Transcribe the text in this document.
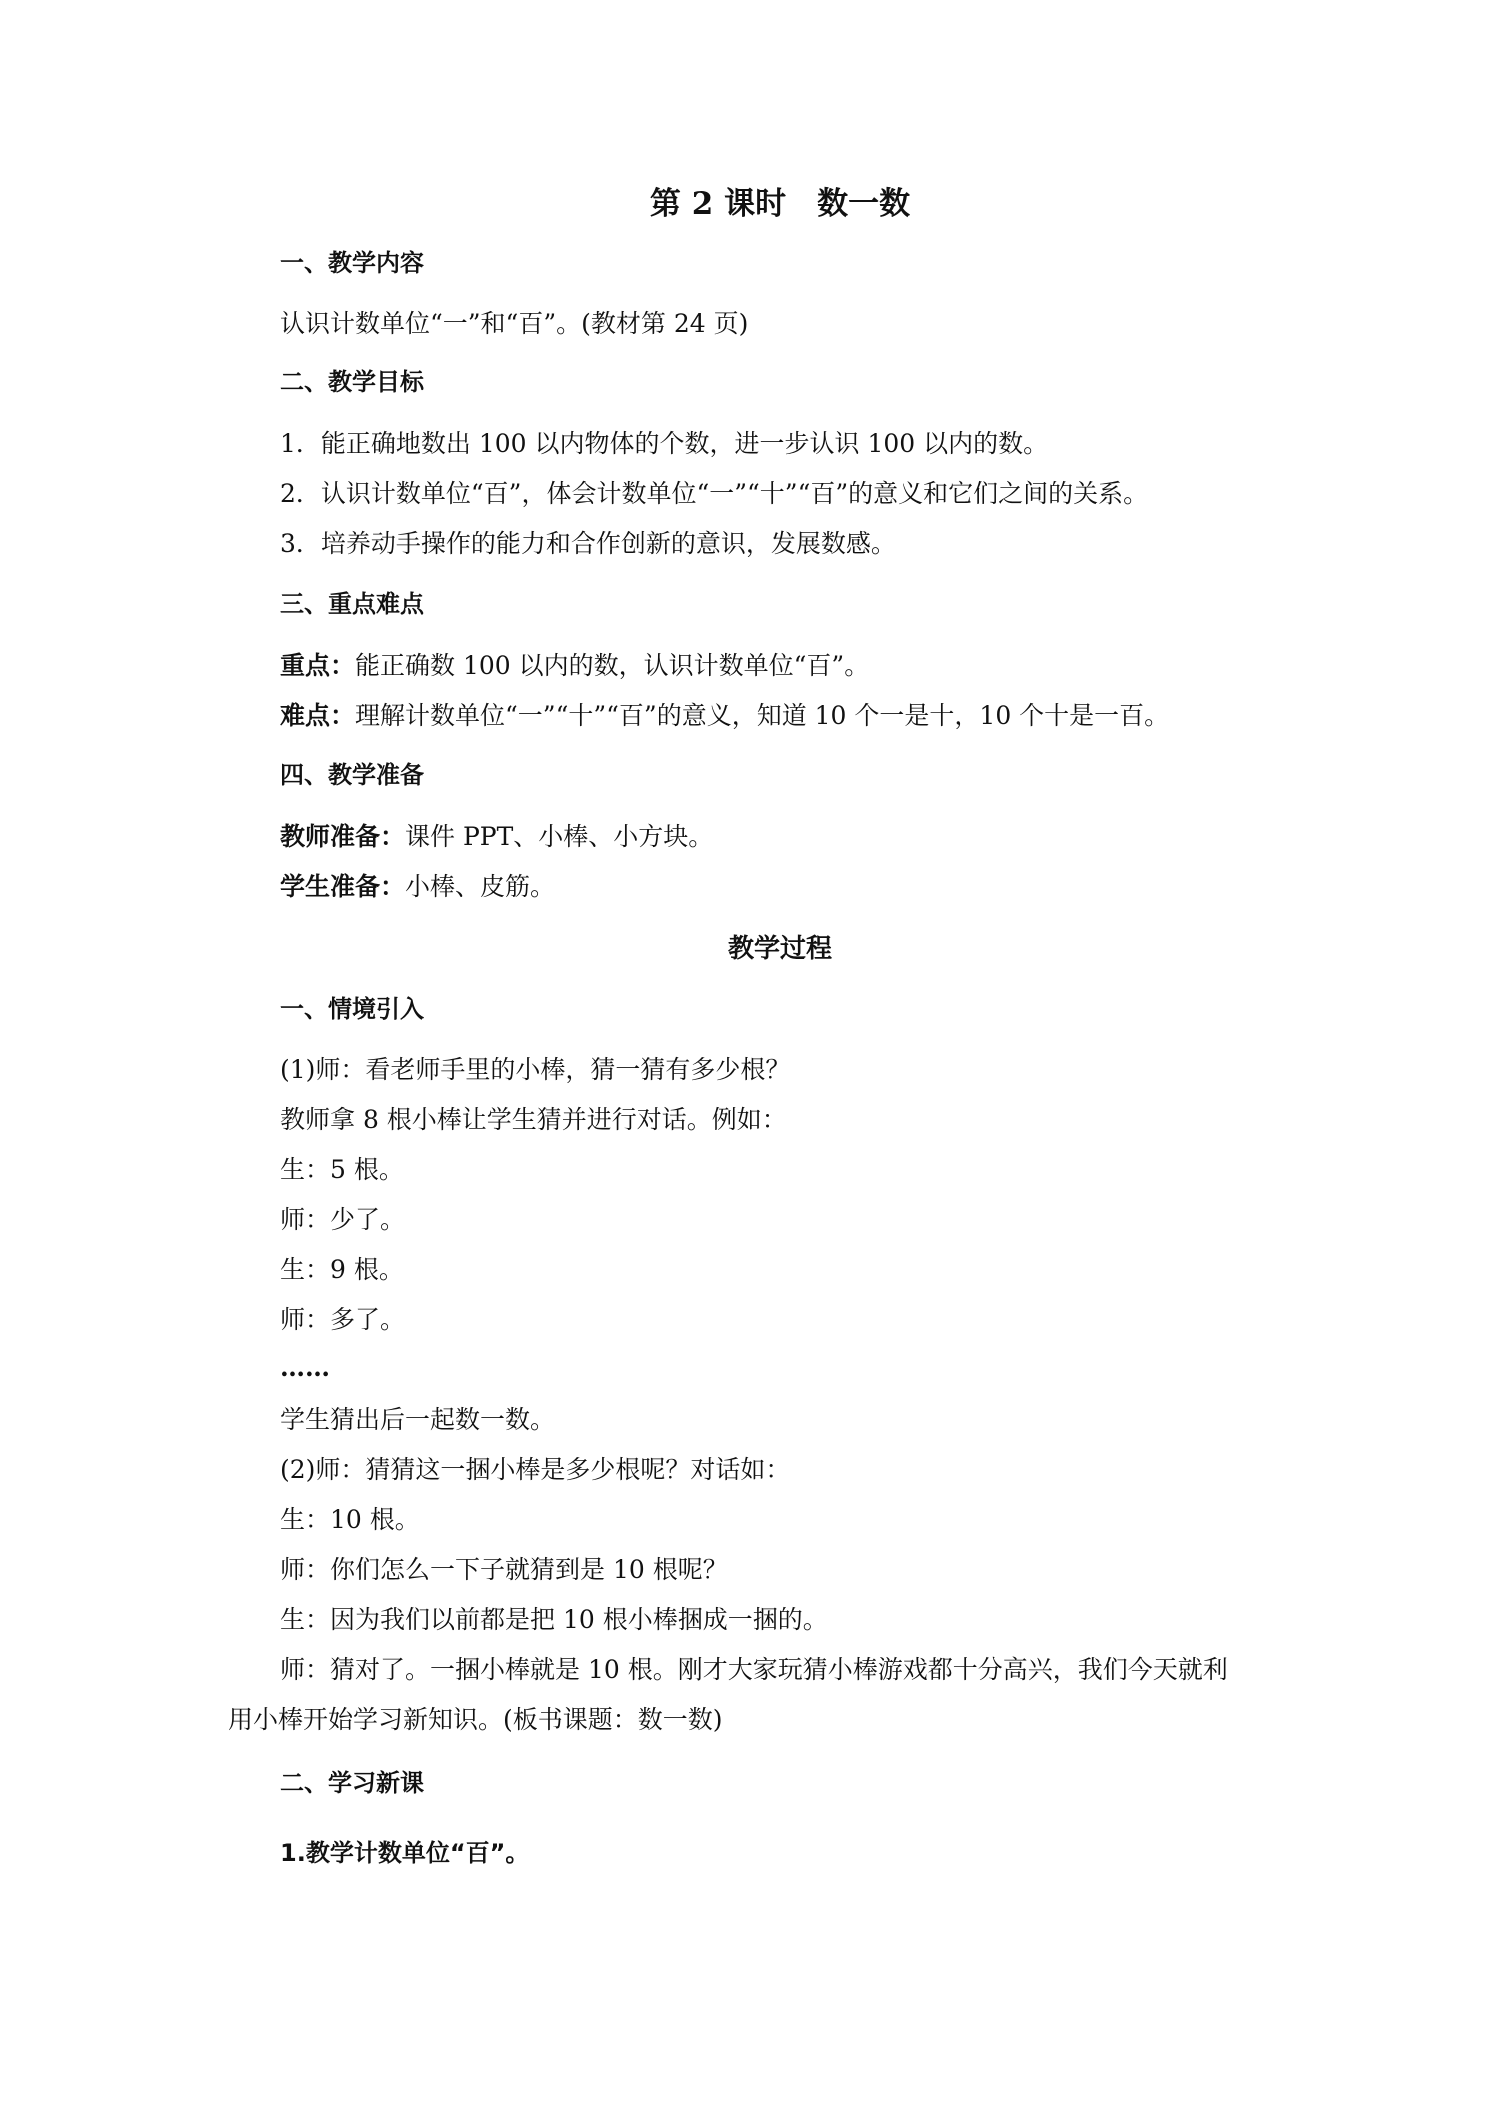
第 2 课时　数一数

一、教学内容

认识计数单位“一”和“百”。(教材第 24 页)

二、教学目标

1．能正确地数出 100 以内物体的个数，进一步认识 100 以内的数。

2．认识计数单位“百”，体会计数单位“一”“十”“百”的意义和它们之间的关系。

3．培养动手操作的能力和合作创新的意识，发展数感。

三、重点难点

重点：能正确数 100 以内的数，认识计数单位“百”。

难点：理解计数单位“一”“十”“百”的意义，知道 10 个一是十，10 个十是一百。

四、教学准备

教师准备：课件 PPT、小棒、小方块。

学生准备：小棒、皮筋。

教学过程

一、情境引入

(1)师：看老师手里的小棒，猜一猜有多少根？

教师拿 8 根小棒让学生猜并进行对话。例如：

生：5 根。

师：少了。

生：9 根。

师：多了。

……

学生猜出后一起数一数。

(2)师：猜猜这一捆小棒是多少根呢？对话如：

生：10 根。

师：你们怎么一下子就猜到是 10 根呢？

生：因为我们以前都是把 10 根小棒捆成一捆的。

师：猜对了。一捆小棒就是 10 根。刚才大家玩猜小棒游戏都十分高兴，我们今天就利

用小棒开始学习新知识。(板书课题：数一数)

二、学习新课

1.教学计数单位“百”。
